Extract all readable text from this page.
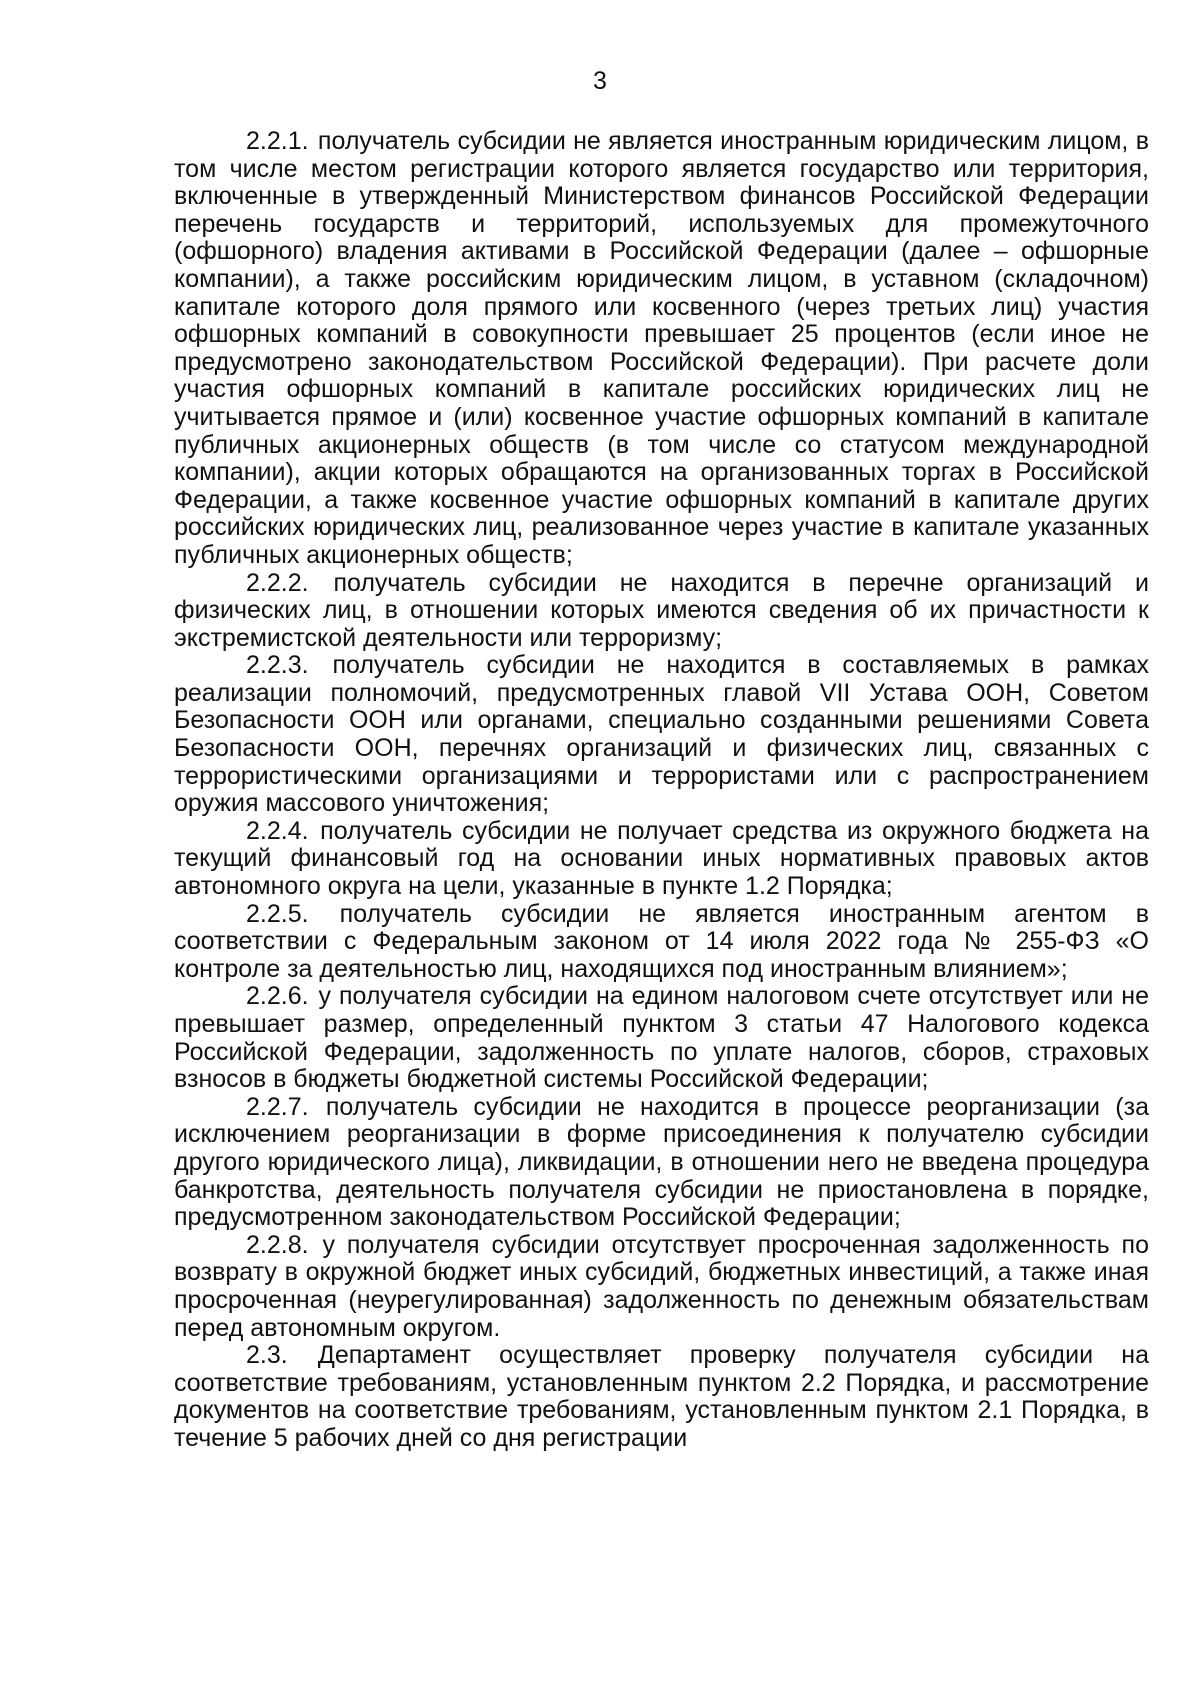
3

2.2.1. получатель субсидии не является иностранным юридическим лицом, в том числе местом регистрации которого является государство или территория, включенные в утвержденный Министерством финансов Российской Федерации перечень государств и территорий, используемых для промежуточного (офшорного) владения активами в Российской Федерации (далее – офшорные компании), а также российским юридическим лицом, в уставном (складочном) капитале которого доля прямого или косвенного (через третьих лиц) участия офшорных компаний в совокупности превышает 25 процентов (если иное не предусмотрено законодательством Российской Федерации). При расчете доли участия офшорных компаний в капитале российских юридических лиц не учитывается прямое и (или) косвенное участие офшорных компаний в капитале публичных акционерных обществ (в том числе со статусом международной компании), акции которых обращаются на организованных торгах в Российской Федерации, а также косвенное участие офшорных компаний в капитале других российских юридических лиц, реализованное через участие в капитале указанных публичных акционерных обществ;

2.2.2. получатель субсидии не находится в перечне организаций и физических лиц, в отношении которых имеются сведения об их причастности к экстремистской деятельности или терроризму;

2.2.3. получатель субсидии не находится в составляемых в рамках реализации полномочий, предусмотренных главой VII Устава ООН, Советом Безопасности ООН или органами, специально созданными решениями Совета Безопасности ООН, перечнях организаций и физических лиц, связанных с террористическими организациями и террористами или с распространением оружия массового уничтожения;

2.2.4. получатель субсидии не получает средства из окружного бюджета на текущий финансовый год на основании иных нормативных правовых актов автономного округа на цели, указанные в пункте 1.2 Порядка;

2.2.5. получатель субсидии не является иностранным агентом в соответствии с Федеральным законом от 14 июля 2022 года № 255-ФЗ «О контроле за деятельностью лиц, находящихся под иностранным влиянием»;

2.2.6. у получателя субсидии на едином налоговом счете отсутствует или не превышает размер, определенный пунктом 3 статьи 47 Налогового кодекса Российской Федерации, задолженность по уплате налогов, сборов, страховых взносов в бюджеты бюджетной системы Российской Федерации;

2.2.7. получатель субсидии не находится в процессе реорганизации (за исключением реорганизации в форме присоединения к получателю субсидии другого юридического лица), ликвидации, в отношении него не введена процедура банкротства, деятельность получателя субсидии не приостановлена в порядке, предусмотренном законодательством Российской Федерации;

2.2.8. у получателя субсидии отсутствует просроченная задолженность по возврату в окружной бюджет иных субсидий, бюджетных инвестиций, а также иная просроченная (неурегулированная) задолженность по денежным обязательствам перед автономным округом.

2.3. Департамент осуществляет проверку получателя субсидии на соответствие требованиям, установленным пунктом 2.2 Порядка, и рассмотрение документов на соответствие требованиям, установленным пунктом 2.1 Порядка, в течение 5 рабочих дней со дня регистрации
